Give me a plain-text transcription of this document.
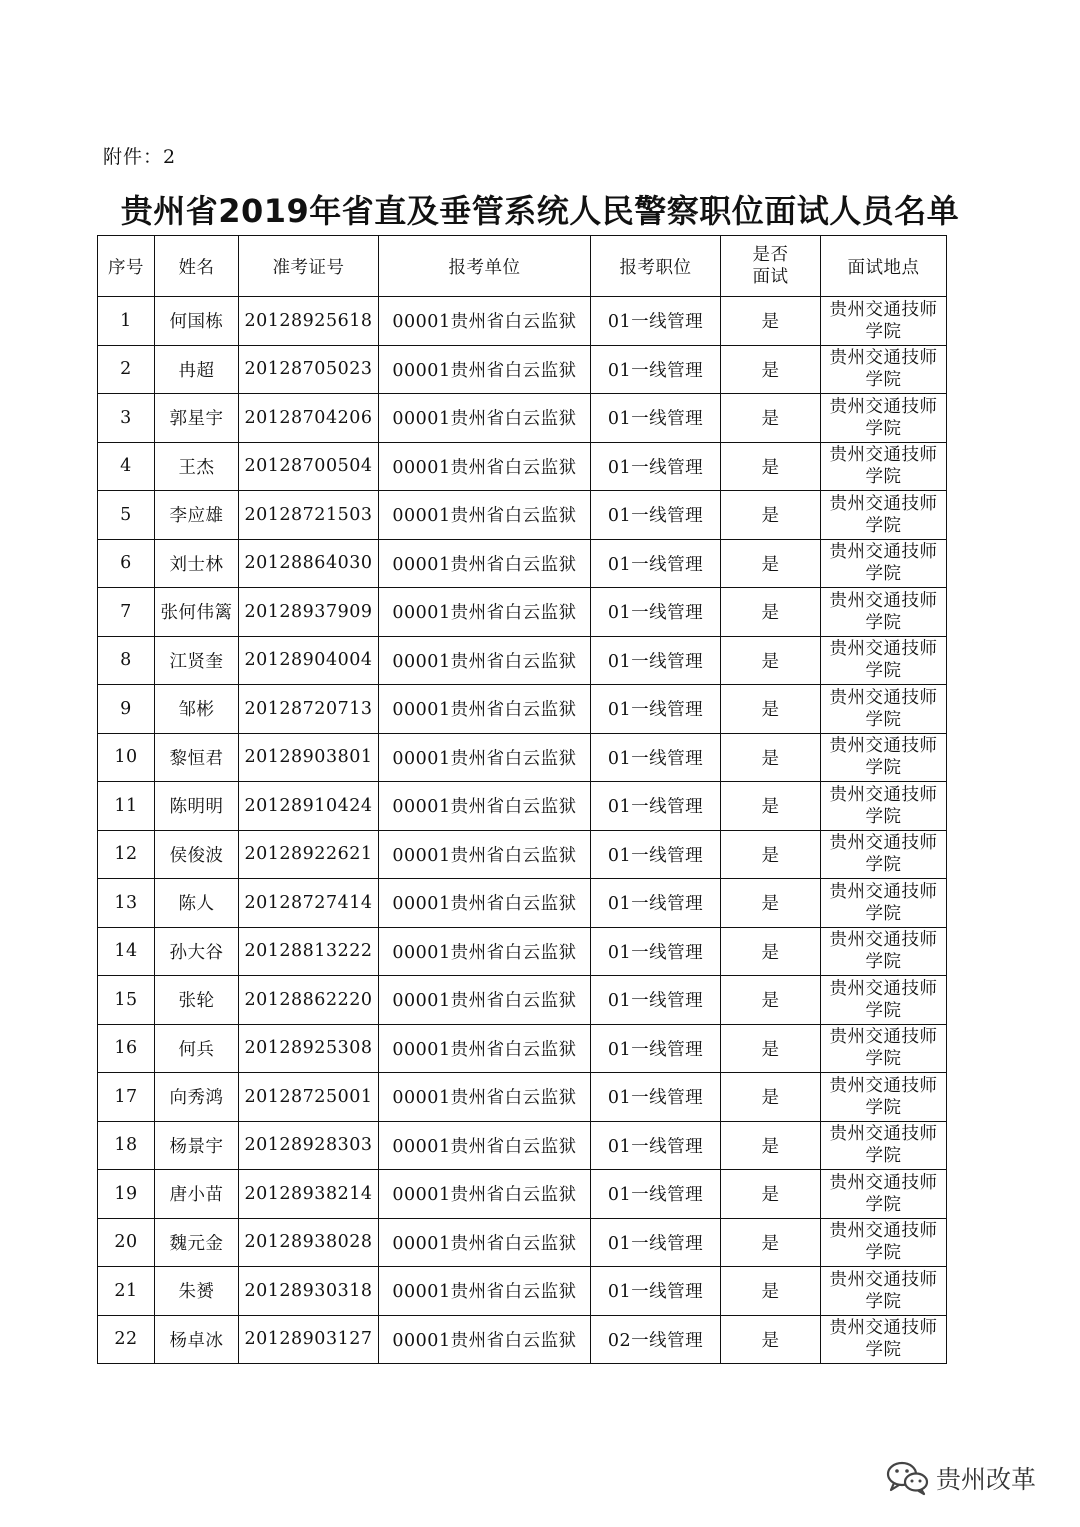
附件：2
贵州省2019年省直及垂管系统人民警察职位面试人员名单
序号	姓名	准考证号	报考单位	报考职位	是否
面试	面试地点
1	何国栋	20128925618	00001贵州省白云监狱	01一线管理	是	贵州交通技师
学院

2	冉超	20128705023	00001贵州省白云监狱	01一线管理	是	贵州交通技师
学院

3	郭星宇	20128704206	00001贵州省白云监狱	01一线管理	是	贵州交通技师
学院

4	王杰	20128700504	00001贵州省白云监狱	01一线管理	是	贵州交通技师
学院

5	李应雄	20128721503	00001贵州省白云监狱	01一线管理	是	贵州交通技师
学院

6	刘士林	20128864030	00001贵州省白云监狱	01一线管理	是	贵州交通技师
学院

7	张何伟篱	20128937909	00001贵州省白云监狱	01一线管理	是	贵州交通技师
学院

8	江贤奎	20128904004	00001贵州省白云监狱	01一线管理	是	贵州交通技师
学院

9	邹彬	20128720713	00001贵州省白云监狱	01一线管理	是	贵州交通技师
学院

10	黎恒君	20128903801	00001贵州省白云监狱	01一线管理	是	贵州交通技师
学院

11	陈明明	20128910424	00001贵州省白云监狱	01一线管理	是	贵州交通技师
学院

12	侯俊波	20128922621	00001贵州省白云监狱	01一线管理	是	贵州交通技师
学院

13	陈人	20128727414	00001贵州省白云监狱	01一线管理	是	贵州交通技师
学院

14	孙大谷	20128813222	00001贵州省白云监狱	01一线管理	是	贵州交通技师
学院

15	张轮	20128862220	00001贵州省白云监狱	01一线管理	是	贵州交通技师
学院

16	何兵	20128925308	00001贵州省白云监狱	01一线管理	是	贵州交通技师
学院

17	向秀鸿	20128725001	00001贵州省白云监狱	01一线管理	是	贵州交通技师
学院

18	杨景宇	20128928303	00001贵州省白云监狱	01一线管理	是	贵州交通技师
学院

19	唐小苗	20128938214	00001贵州省白云监狱	01一线管理	是	贵州交通技师
学院

20	魏元金	20128938028	00001贵州省白云监狱	01一线管理	是	贵州交通技师
学院

21	朱赟	20128930318	00001贵州省白云监狱	01一线管理	是	贵州交通技师
学院

22	杨卓冰	20128903127	00001贵州省白云监狱	02一线管理	是	贵州交通技师
学院
贵州改革
